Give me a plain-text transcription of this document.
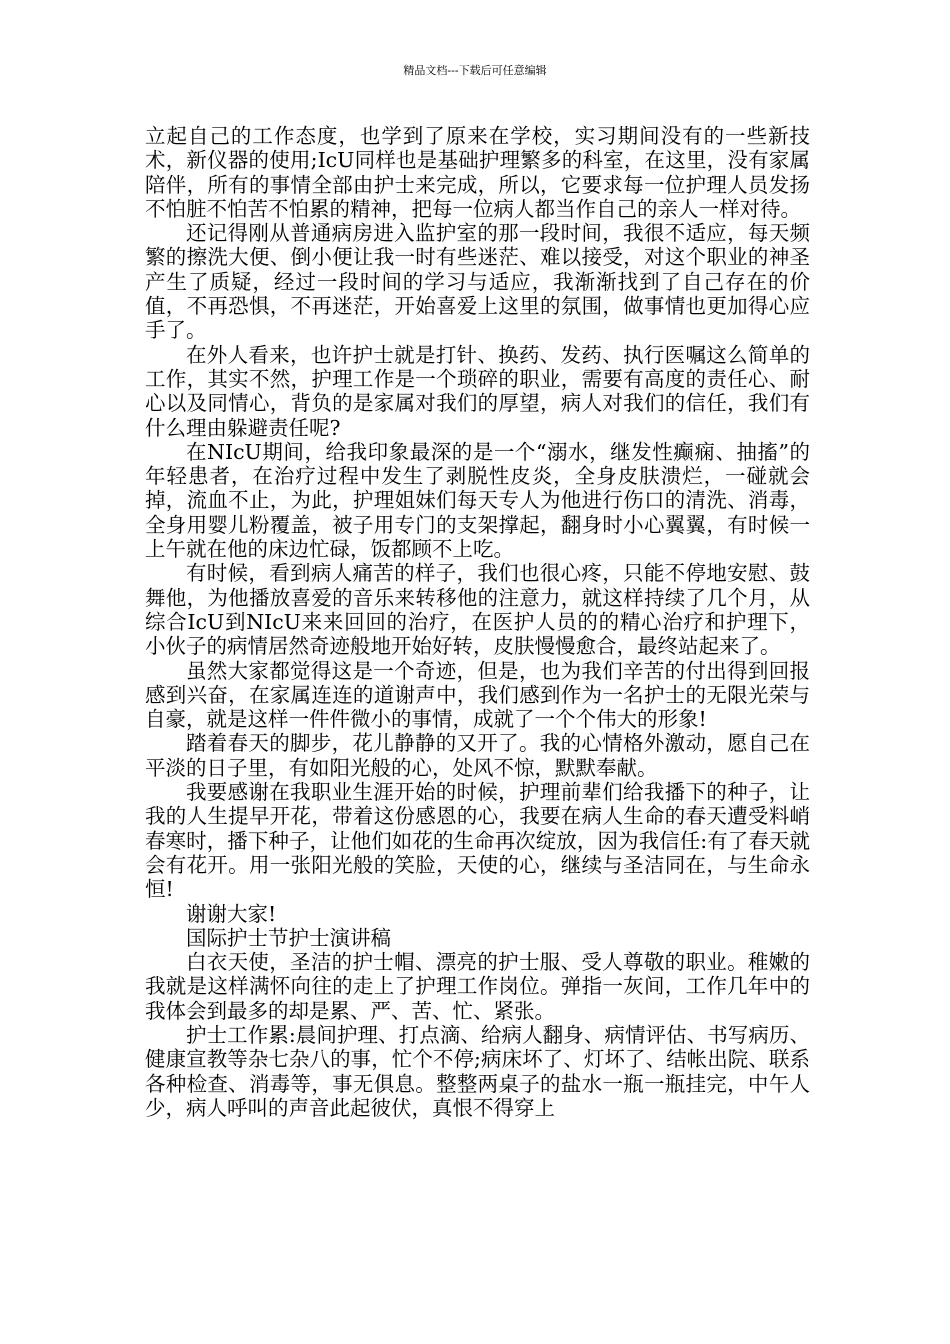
精品文档---下载后可任意编辑

立起自己的工作态度，也学到了原来在学校，实习期间没有的一些新技术，新仪器的使用;IcU同样也是基础护理繁多的科室，在这里，没有家属陪伴，所有的事情全部由护士来完成，所以，它要求每一位护理人员发扬不怕脏不怕苦不怕累的精神，把每一位病人都当作自己的亲人一样对待。

还记得刚从普通病房进入监护室的那一段时间，我很不适应，每天频繁的擦洗大便、倒小便让我一时有些迷茫、难以接受，对这个职业的神圣产生了质疑，经过一段时间的学习与适应，我渐渐找到了自己存在的价值，不再恐惧，不再迷茫，开始喜爱上这里的氛围，做事情也更加得心应手了。

在外人看来，也许护士就是打针、换药、发药、执行医嘱这么简单的工作，其实不然，护理工作是一个琐碎的职业，需要有高度的责任心、耐心以及同情心，背负的是家属对我们的厚望，病人对我们的信任，我们有什么理由躲避责任呢?

在NIcU期间，给我印象最深的是一个“溺水，继发性癫痫、抽搐”的年轻患者，在治疗过程中发生了剥脱性皮炎，全身皮肤溃烂，一碰就会掉，流血不止，为此，护理姐妹们每天专人为他进行伤口的清洗、消毒，全身用婴儿粉覆盖，被子用专门的支架撑起，翻身时小心翼翼，有时候一上午就在他的床边忙碌，饭都顾不上吃。

有时候，看到病人痛苦的样子，我们也很心疼，只能不停地安慰、鼓舞他，为他播放喜爱的音乐来转移他的注意力，就这样持续了几个月，从综合IcU到NIcU来来回回的治疗，在医护人员的的精心治疗和护理下，小伙子的病情居然奇迹般地开始好转，皮肤慢慢愈合，最终站起来了。

虽然大家都觉得这是一个奇迹，但是，也为我们辛苦的付出得到回报感到兴奋，在家属连连的道谢声中，我们感到作为一名护士的无限光荣与自豪，就是这样一件件微小的事情，成就了一个个伟大的形象!

踏着春天的脚步，花儿静静的又开了。我的心情格外激动，愿自己在平淡的日子里，有如阳光般的心，处风不惊，默默奉献。

我要感谢在我职业生涯开始的时候，护理前辈们给我播下的种子，让我的人生提早开花，带着这份感恩的心，我要在病人生命的春天遭受料峭春寒时，播下种子，让他们如花的生命再次绽放，因为我信任:有了春天就会有花开。用一张阳光般的笑脸，天使的心，继续与圣洁同在，与生命永恒!

谢谢大家!

国际护士节护士演讲稿

白衣天使，圣洁的护士帽、漂亮的护士服、受人尊敬的职业。稚嫩的我就是这样满怀向往的走上了护理工作岗位。弹指一灰间，工作几年中的我体会到最多的却是累、严、苦、忙、紧张。

护士工作累:晨间护理、打点滴、给病人翻身、病情评估、书写病历、健康宣教等杂七杂八的事，忙个不停;病床坏了、灯坏了、结帐出院、联系各种检查、消毒等，事无俱息。整整两桌子的盐水一瓶一瓶挂完，中午人少，病人呼叫的声音此起彼伏，真恨不得穿上
